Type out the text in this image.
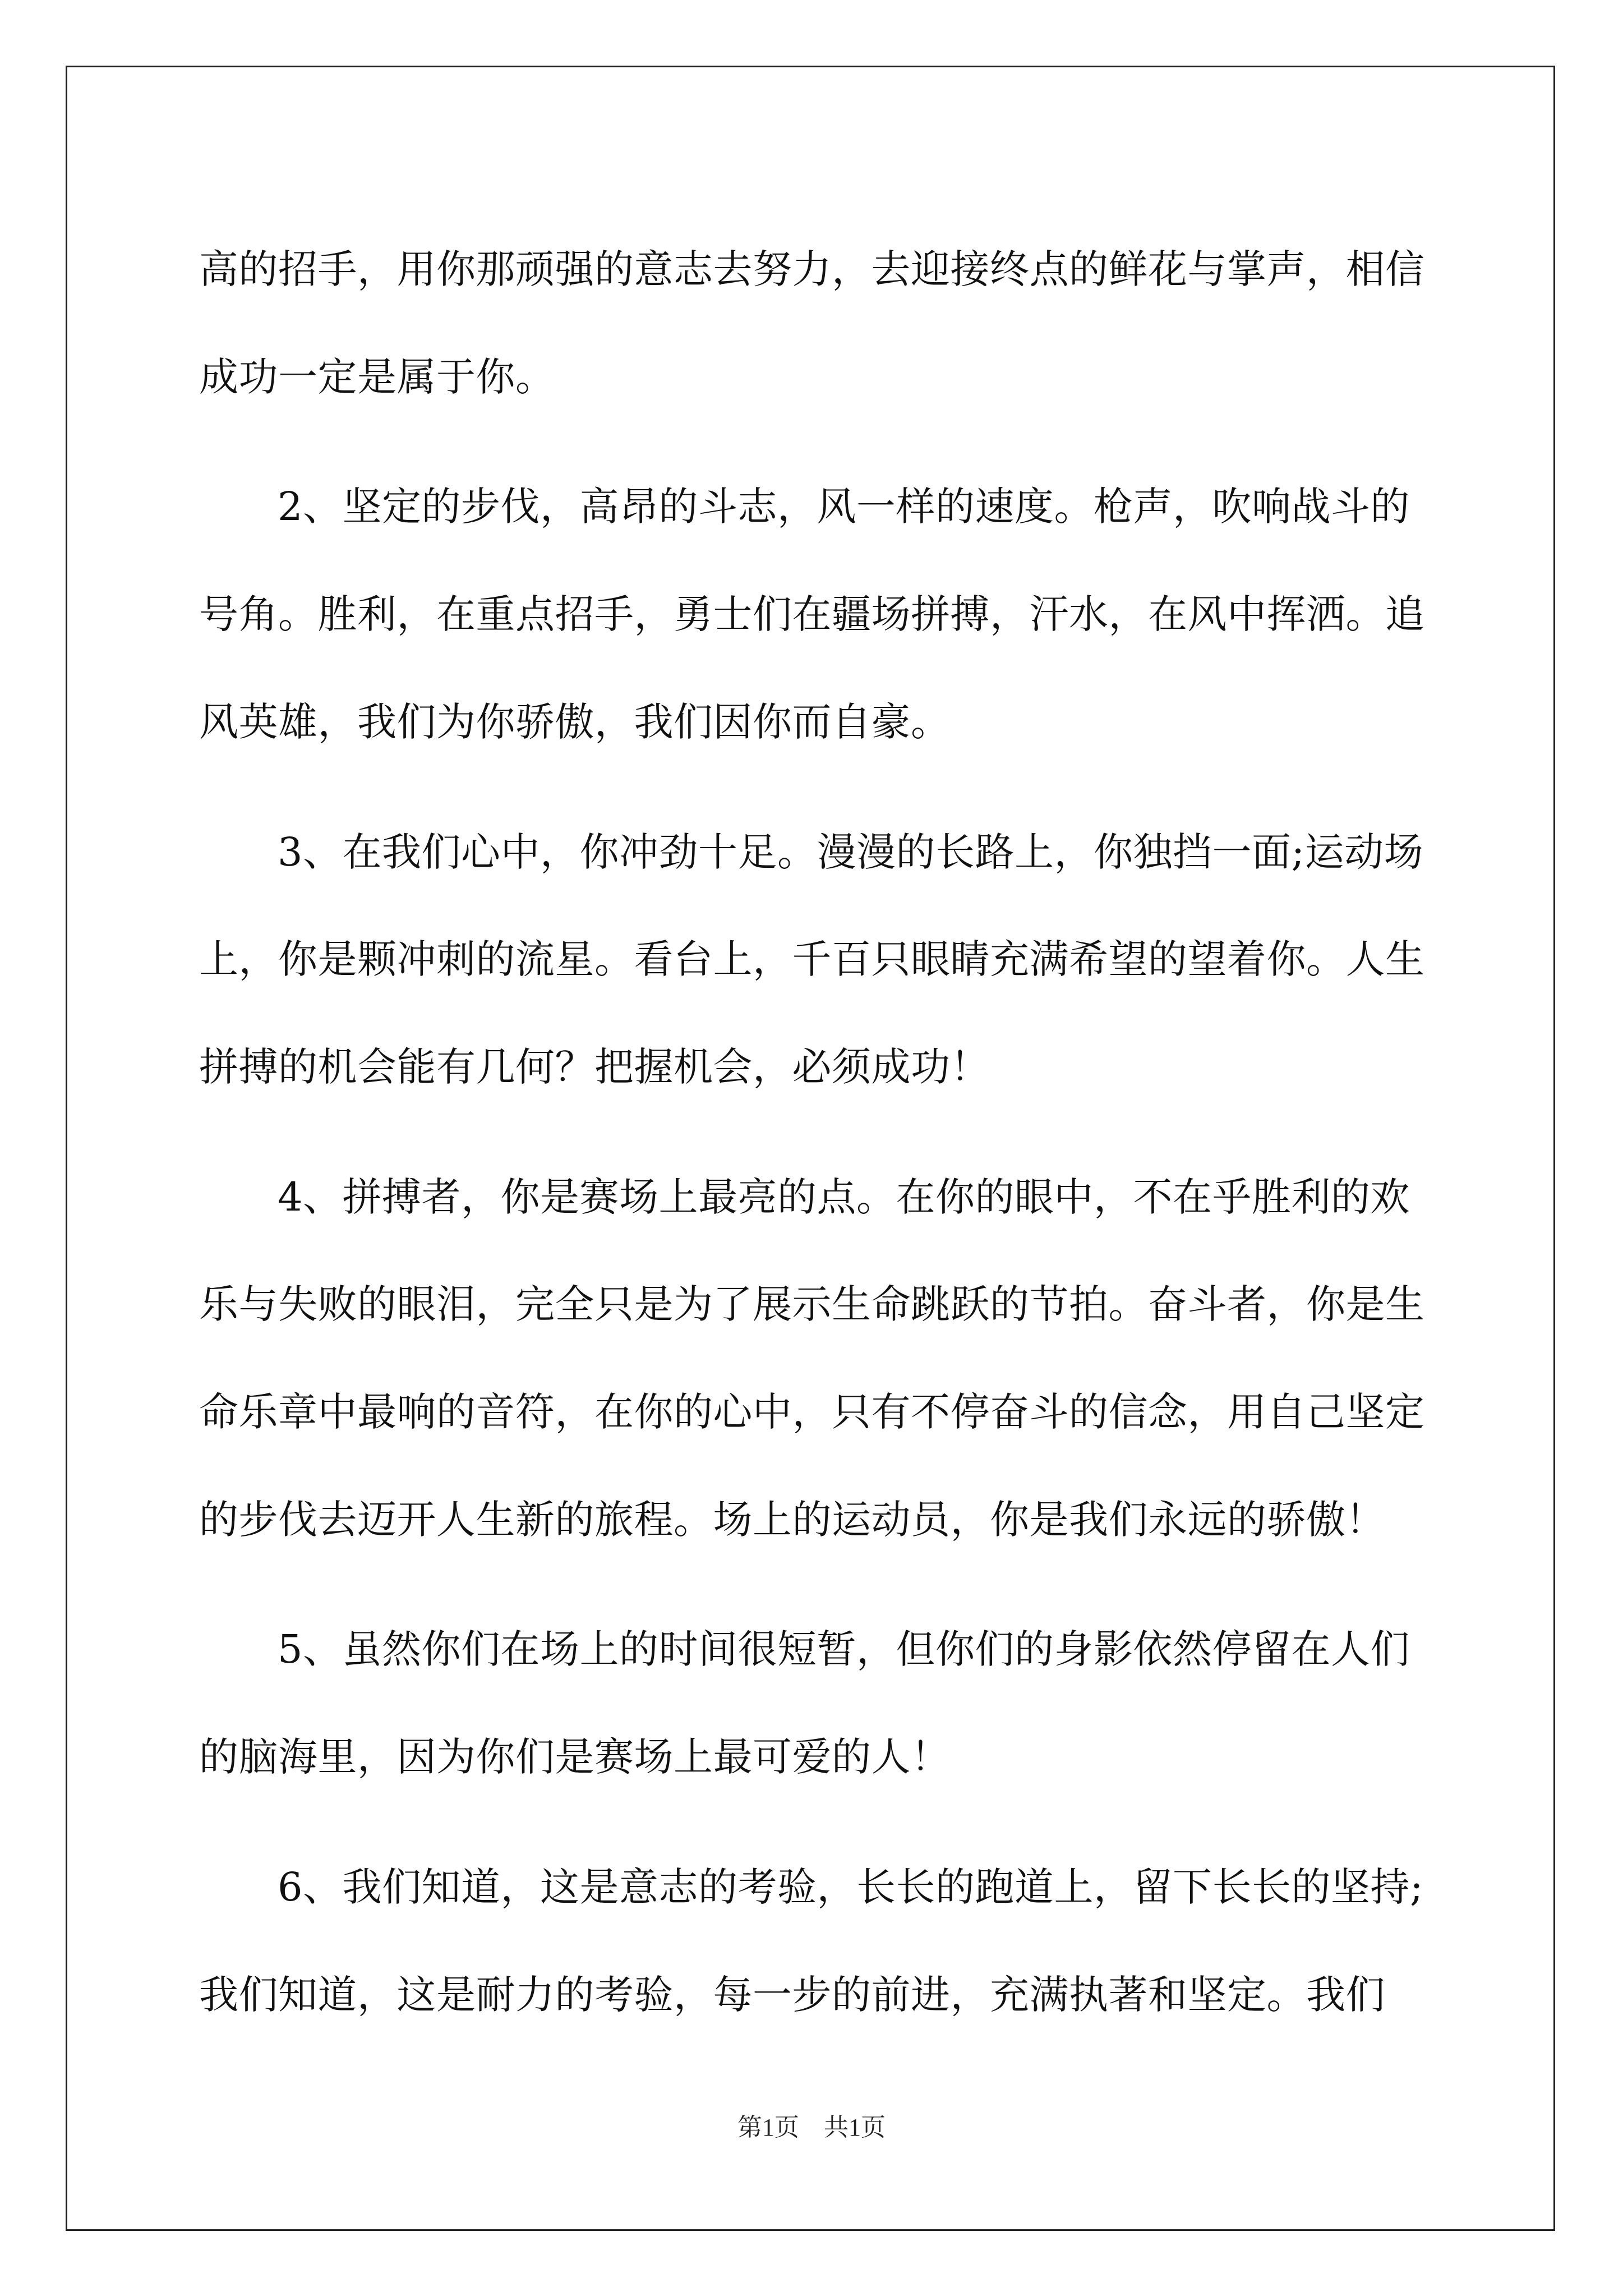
高的招手，用你那顽强的意志去努力，去迎接终点的鲜花与掌声，相信成功一定是属于你。

2、坚定的步伐，高昂的斗志，风一样的速度。枪声，吹响战斗的号角。胜利，在重点招手，勇士们在疆场拼搏，汗水，在风中挥洒。追风英雄，我们为你骄傲，我们因你而自豪。

3、在我们心中，你冲劲十足。漫漫的长路上，你独挡一面;运动场上，你是颗冲刺的流星。看台上，千百只眼睛充满希望的望着你。人生拼搏的机会能有几何？把握机会，必须成功！

4、拼搏者，你是赛场上最亮的点。在你的眼中，不在乎胜利的欢乐与失败的眼泪，完全只是为了展示生命跳跃的节拍。奋斗者，你是生命乐章中最响的音符，在你的心中，只有不停奋斗的信念，用自己坚定的步伐去迈开人生新的旅程。场上的运动员，你是我们永远的骄傲！

5、虽然你们在场上的时间很短暂，但你们的身影依然停留在人们的脑海里，因为你们是赛场上最可爱的人！

6、我们知道，这是意志的考验，长长的跑道上，留下长长的坚持;我们知道，这是耐力的考验，每一步的前进，充满执著和坚定。我们

第1页　共1页
